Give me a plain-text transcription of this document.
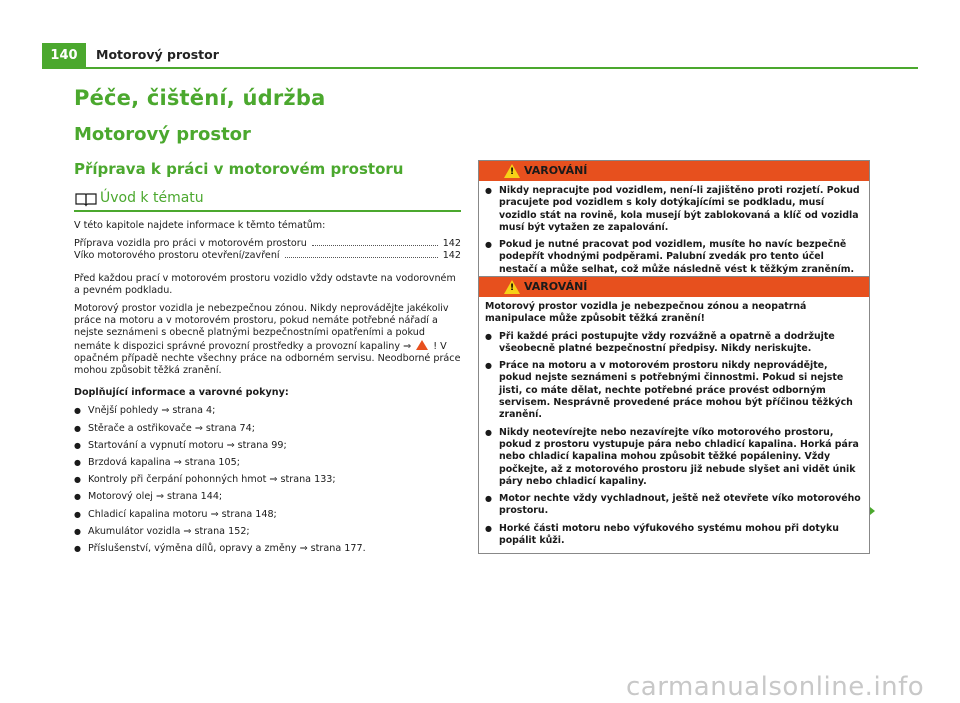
140	Motorový prostor
Péče, čištění, údržba
Motorový prostor
Příprava k práci v motorovém prostoru
Úvod k tématu

V této kapitole najdete informace k těmto tématům:

Příprava vozidla pro práci v motorovém prostoru	142
Víko motorového prostoru otevření/zavření	142

Před každou prací v motorovém prostoru vozidlo vždy odstavte na vodorovném a pevném podkladu.

Motorový prostor vozidla je nebezpečnou zónou. Nikdy neprovádějte jakékoliv práce na motoru a v motorovém prostoru, pokud nemáte potřebné nářadí a nejste seznámeni s obecně platnými bezpečnostními opatřeními a pokud nemáte k dispozici správné provozní prostředky a provozní kapaliny ⇒ ! V opačném případě nechte všechny práce na odborném servisu. Neodborné práce mohou způsobit těžká zranění.

Doplňující informace a varovné pokyny:

● Vnější pohledy ⇒ strana 4;
● Stěrače a ostřikovače ⇒ strana 74;
● Startování a vypnutí motoru ⇒ strana 99;
● Brzdová kapalina ⇒ strana 105;
● Kontroly při čerpání pohonných hmot ⇒ strana 133;
● Motorový olej ⇒ strana 144;
● Chladicí kapalina motoru ⇒ strana 148;
● Akumulátor vozidla ⇒ strana 152;
● Příslušenství, výměna dílů, opravy a změny ⇒ strana 177.
! VAROVÁNÍ

● Nikdy nepracujte pod vozidlem, není-li zajištěno proti rozjetí. Pokud pracujete pod vozidlem s koly dotýkajícími se podkladu, musí vozidlo stát na rovině, kola musejí být zablokovaná a klíč od vozidla musí být vytažen ze zapalování.

● Pokud je nutné pracovat pod vozidlem, musíte ho navíc bezpečně podepřít vhodnými podpěrami. Palubní zvedák pro tento účel nestačí a může selhat, což může následně vést k těžkým zraněním.

! VAROVÁNÍ

Motorový prostor vozidla je nebezpečnou zónou a neopatrná manipulace může způsobit těžká zranění!

● Při každé práci postupujte vždy rozvážně a opatrně a dodržujte všeobecně platné bezpečnostní předpisy. Nikdy neriskujte.

● Práce na motoru a v motorovém prostoru nikdy neprovádějte, pokud nejste seznámeni s potřebnými činnostmi. Pokud si nejste jisti, co máte dělat, nechte potřebné práce provést odborným servisem. Nesprávně provedené práce mohou být příčinou těžkých zranění.

● Nikdy neotevírejte nebo nezavírejte víko motorového prostoru, pokud z prostoru vystupuje pára nebo chladicí kapalina. Horká pára nebo chladicí kapalina mohou způsobit těžké popáleniny. Vždy počkejte, až z motorového prostoru již nebude slyšet ani vidět únik páry nebo chladicí kapaliny.

● Motor nechte vždy vychladnout, ještě než otevřete víko motorového prostoru.

● Horké části motoru nebo výfukového systému mohou při dotyku popálit kůži.

carmanualsonline.info
